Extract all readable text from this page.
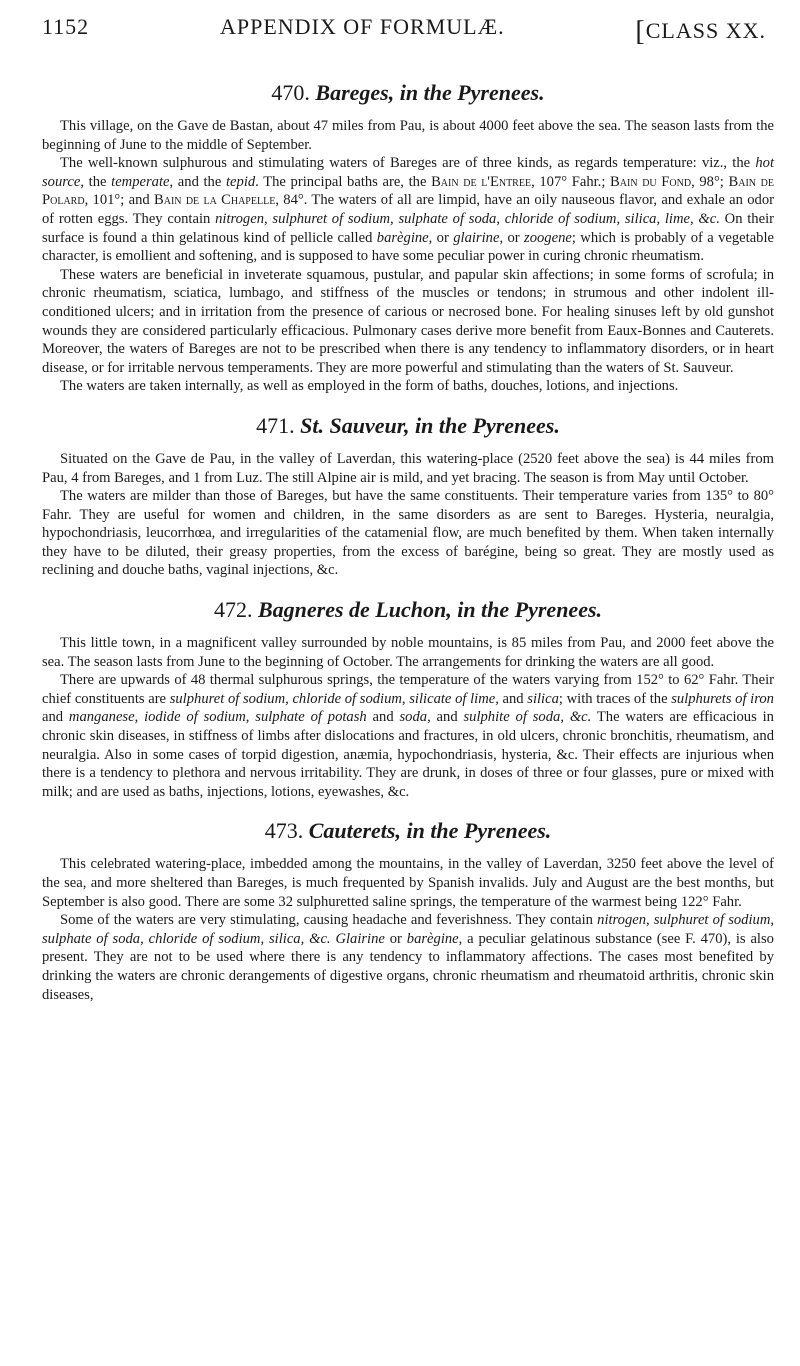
1152	APPENDIX OF FORMULÆ.	[CLASS XX.
470. Bareges, in the Pyrenees.

This village, on the Gave de Bastan, about 47 miles from Pau, is about 4000 feet above the sea. The season lasts from the beginning of June to the middle of September.

The well-known sulphurous and stimulating waters of Bareges are of three kinds, as regards temperature: viz., the hot source, the temperate, and the tepid. The principal baths are, the Bain de l'Entree, 107° Fahr.; Bain du Fond, 98°; Bain de Polard, 101°; and Bain de la Chapelle, 84°. The waters of all are limpid, have an oily nauseous flavor, and exhale an odor of rotten eggs. They contain nitrogen, sulphuret of sodium, sulphate of soda, chloride of sodium, silica, lime, &c. On their surface is found a thin gelatinous kind of pellicle called barègine, or glairine, or zoogene; which is probably of a vegetable character, is emollient and softening, and is supposed to have some peculiar power in curing chronic rheumatism.

These waters are beneficial in inveterate squamous, pustular, and papular skin affections; in some forms of scrofula; in chronic rheumatism, sciatica, lumbago, and stiffness of the muscles or tendons; in strumous and other indolent ill-conditioned ulcers; and in irritation from the presence of carious or necrosed bone. For healing sinuses left by old gunshot wounds they are considered particularly efficacious. Pulmonary cases derive more benefit from Eaux-Bonnes and Cauterets. Moreover, the waters of Bareges are not to be prescribed when there is any tendency to inflammatory disorders, or in heart disease, or for irritable nervous temperaments. They are more powerful and stimulating than the waters of St. Sauveur.

The waters are taken internally, as well as employed in the form of baths, douches, lotions, and injections.

471. St. Sauveur, in the Pyrenees.

Situated on the Gave de Pau, in the valley of Laverdan, this watering-place (2520 feet above the sea) is 44 miles from Pau, 4 from Bareges, and 1 from Luz. The still Alpine air is mild, and yet bracing. The season is from May until October.

The waters are milder than those of Bareges, but have the same constituents. Their temperature varies from 135° to 80° Fahr. They are useful for women and children, in the same disorders as are sent to Bareges. Hysteria, neuralgia, hypochondriasis, leucorrhœa, and irregularities of the catamenial flow, are much benefited by them. When taken internally they have to be diluted, their greasy properties, from the excess of barégine, being so great. They are mostly used as reclining and douche baths, vaginal injections, &c.

472. Bagneres de Luchon, in the Pyrenees.

This little town, in a magnificent valley surrounded by noble mountains, is 85 miles from Pau, and 2000 feet above the sea. The season lasts from June to the beginning of October. The arrangements for drinking the waters are all good.

There are upwards of 48 thermal sulphurous springs, the temperature of the waters varying from 152° to 62° Fahr. Their chief constituents are sulphuret of sodium, chloride of sodium, silicate of lime, and silica; with traces of the sulphurets of iron and manganese, iodide of sodium, sulphate of potash and soda, and sulphite of soda, &c. The waters are efficacious in chronic skin diseases, in stiffness of limbs after dislocations and fractures, in old ulcers, chronic bronchitis, rheumatism, and neuralgia. Also in some cases of torpid digestion, anæmia, hypochondriasis, hysteria, &c. Their effects are injurious when there is a tendency to plethora and nervous irritability. They are drunk, in doses of three or four glasses, pure or mixed with milk; and are used as baths, injections, lotions, eyewashes, &c.

473. Cauterets, in the Pyrenees.

This celebrated watering-place, imbedded among the mountains, in the valley of Laverdan, 3250 feet above the level of the sea, and more sheltered than Bareges, is much frequented by Spanish invalids. July and August are the best months, but September is also good. There are some 32 sulphuretted saline springs, the temperature of the warmest being 122° Fahr.

Some of the waters are very stimulating, causing headache and feverishness. They contain nitrogen, sulphuret of sodium, sulphate of soda, chloride of sodium, silica, &c. Glairine or barègine, a peculiar gelatinous substance (see F. 470), is also present. They are not to be used where there is any tendency to inflammatory affections. The cases most benefited by drinking the waters are chronic derangements of digestive organs, chronic rheumatism and rheumatoid arthritis, chronic skin diseases,
